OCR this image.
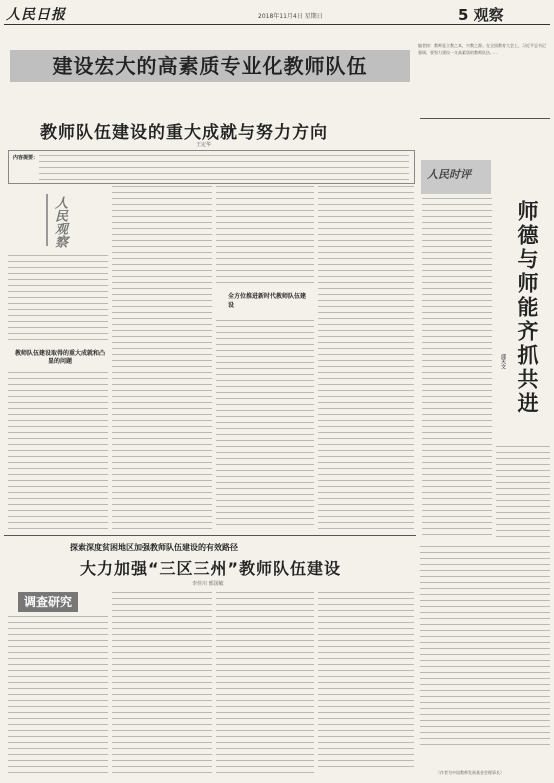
人民日报	2018年11月4日 星期日	5 观察
建设宏大的高素质专业化教师队伍
编者按：教师是立教之本，兴教之源。在全国教育大会上，习近平总书记强调，要努力建设一支高素质的教师队伍……
教师队伍建设的重大成就与努力方向
王定华
内容提要：
人民观察
教师队伍建设取得的重大成就和凸显的问题
全方位推进新时代教师队伍建设
人民时评
师德与师能齐抓共进
邱天文
探索深度贫困地区加强教师队伍建设的有效路径
大力加强“三区三州”教师队伍建设
李佳川 邢国敏
调查研究
（作者为中国教师发展基金会理事长）
